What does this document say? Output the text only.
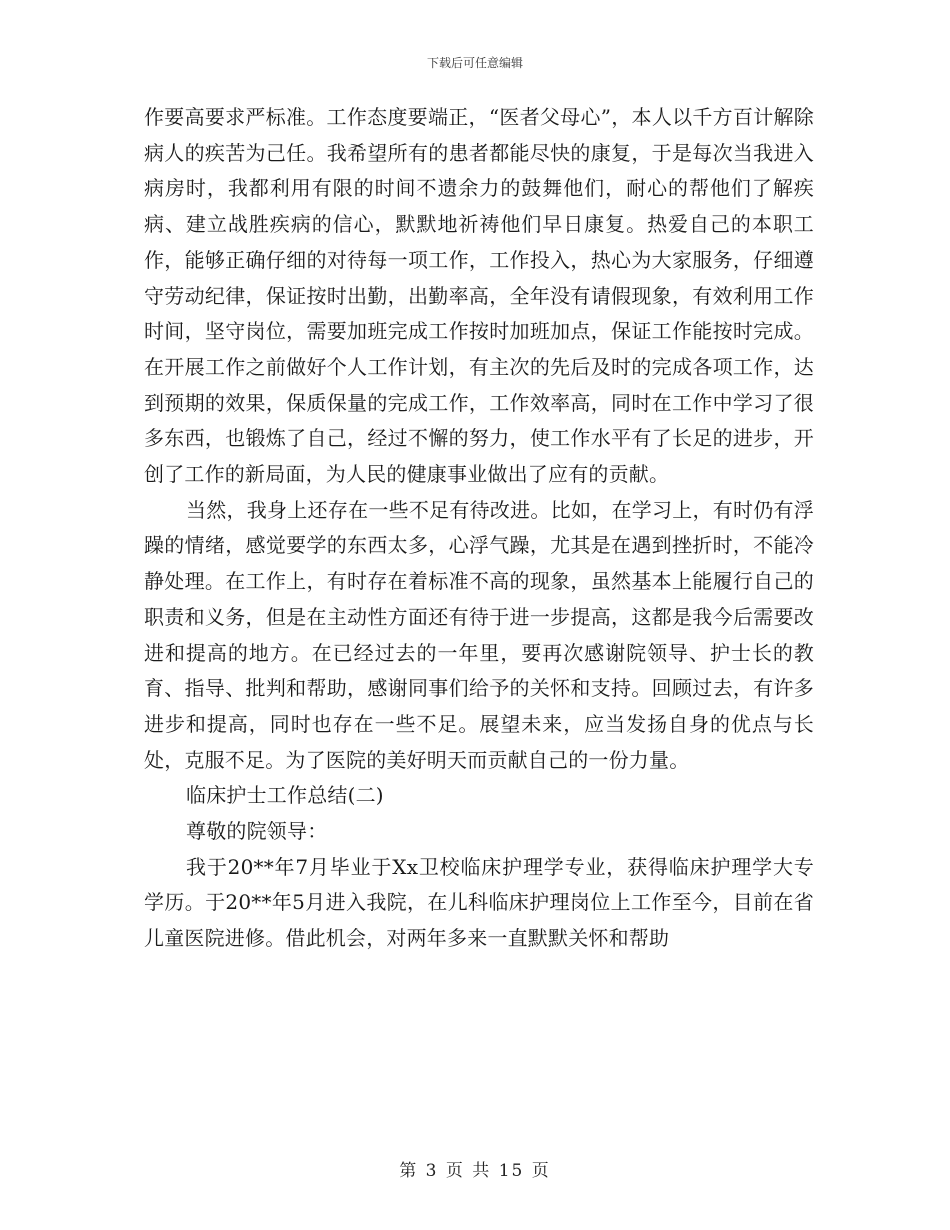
下载后可任意编辑

作要高要求严标准。工作态度要端正，“医者父母心”，本人以千方百计解除病人的疾苦为己任。我希望所有的患者都能尽快的康复，于是每次当我进入病房时，我都利用有限的时间不遗余力的鼓舞他们，耐心的帮他们了解疾病、建立战胜疾病的信心，默默地祈祷他们早日康复。热爱自己的本职工作，能够正确仔细的对待每一项工作，工作投入，热心为大家服务，仔细遵守劳动纪律，保证按时出勤，出勤率高，全年没有请假现象，有效利用工作时间，坚守岗位，需要加班完成工作按时加班加点，保证工作能按时完成。 在开展工作之前做好个人工作计划，有主次的先后及时的完成各项工作，达到预期的效果，保质保量的完成工作，工作效率高，同时在工作中学习了很多东西，也锻炼了自己，经过不懈的努力，使工作水平有了长足的进步，开创了工作的新局面，为人民的健康事业做出了应有的贡献。

当然，我身上还存在一些不足有待改进。比如，在学习上，有时仍有浮躁的情绪，感觉要学的东西太多，心浮气躁，尤其是在遇到挫折时，不能冷静处理。在工作上，有时存在着标准不高的现象，虽然基本上能履行自己的职责和义务，但是在主动性方面还有待于进一步提高，这都是我今后需要改进和提高的地方。在已经过去的一年里，要再次感谢院领导、护士长的教育、指导、批判和帮助，感谢同事们给予的关怀和支持。回顾过去，有许多进步和提高，同时也存在一些不足。展望未来，应当发扬自身的优点与长处，克服不足。为了医院的美好明天而贡献自己的一份力量。

临床护士工作总结(二)

尊敬的院领导：

我于20**年7月毕业于Xx卫校临床护理学专业，获得临床护理学大专学历。于20**年5月进入我院，在儿科临床护理岗位上工作至今，目前在省儿童医院进修。借此机会，对两年多来一直默默关怀和帮助

第 3 页 共 15 页
